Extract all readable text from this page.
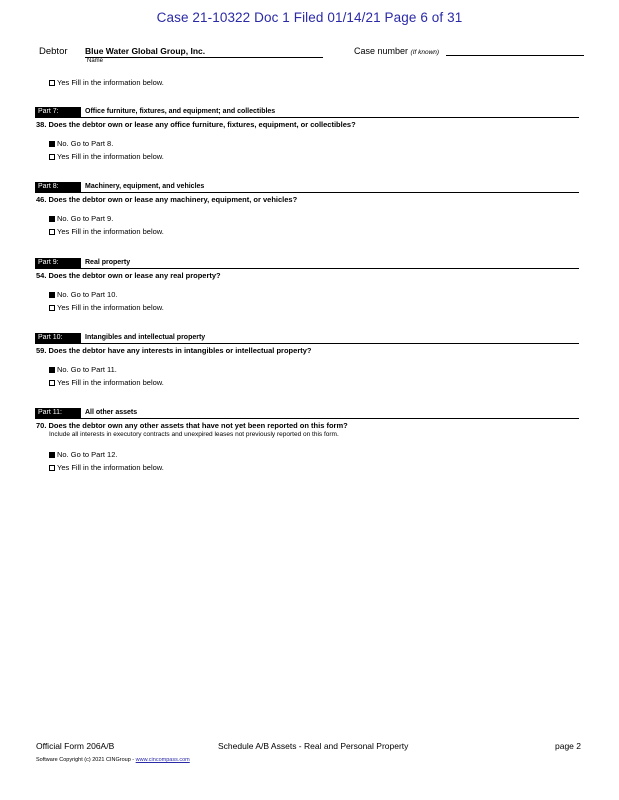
Case 21-10322 Doc 1 Filed 01/14/21 Page 6 of 31
Debtor Blue Water Global Group, Inc.
Name
Case number (If known)
Yes Fill in the information below.
Part 7:	Office furniture, fixtures, and equipment; and collectibles
38. Does the debtor own or lease any office furniture, fixtures, equipment, or collectibles?
No. Go to Part 8.
Yes Fill in the information below.
Part 8:	Machinery, equipment, and vehicles
46. Does the debtor own or lease any machinery, equipment, or vehicles?
No. Go to Part 9.
Yes Fill in the information below.
Part 9:	Real property
54. Does the debtor own or lease any real property?
No. Go to Part 10.
Yes Fill in the information below.
Part 10:	Intangibles and intellectual property
59. Does the debtor have any interests in intangibles or intellectual property?
No. Go to Part 11.
Yes Fill in the information below.
Part 11:	All other assets
70. Does the debtor own any other assets that have not yet been reported on this form?
Include all interests in executory contracts and unexpired leases not previously reported on this form.
No. Go to Part 12.
Yes Fill in the information below.
Official Form 206A/B	Schedule A/B Assets - Real and Personal Property	page 2
Software Copyright (c) 2021 CINGroup - www.cincompass.com
